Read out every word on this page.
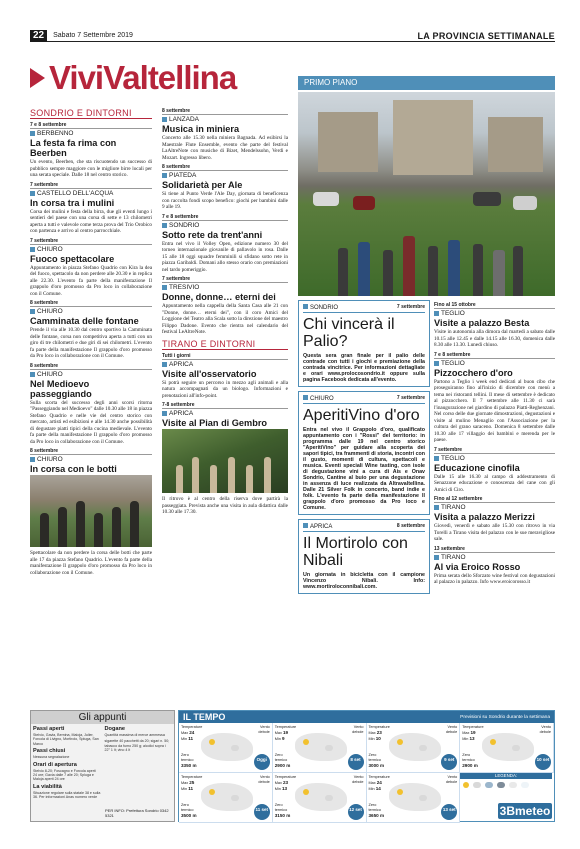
22	Sabato 7 Settembre 2019	LA PROVINCIA SETTIMANALE
ViviValtellina	PRIMO PIANO
SONDRIO E DINTORNI
7 e 8 settembre
BERBENNO
La festa fa rima con Beerben

Un evento, Beerben, che sta riscuotendo un successo di pubblico sempre maggiore con le migliore birre locali per una serata speciale. Dalle 18 nel centro storico.

7 settembre
CASTELLO DELL'ACQUA
In corsa tra i mulini

Corsa dei mulini e festa della birra, due gli eventi lungo i sentieri del paese con una corsa di sette e 13 chilometri aperta a tutti e valevole come terza prova del Trio Orobico con partenza e arrivo al centro parrocchiale.

7 settembre
CHIURO
Fuoco spettacolare

Appuntamento in piazza Stefano Quadrio con Kira la dea del fuoco, spettacolo da non perdere alle 20.30 e in replica alle 22.30. L'evento fa parte della manifestazione Il grappolo d'oro promosso da Pro loco in collaborazione con il Comune.

8 settembre
CHIURO
Camminata delle fontane

Prende il via alle 10.30 dal centro sportivo la Camminata delle fontane, corsa non competitiva aperta a tutti con un giro di tre chilometri e due giri di sei chilometri. L'evento fa parte della manifestazione Il grappolo d'oro promosso da Pro loco in collaborazione con il Comune.

8 settembre
CHIURO
Nel Medioevo passeggiando

Sulla scorta del successo degli anni scorsi ritorna "Passeggiando nel Medioevo" dalle 10.30 alle 18 in piazza Stefano Quadrio e nelle vie del centro storico con mercato, artisti ed esibizioni e alle 14.30 anche possibilità di degustare piatti tipici della cucina medievale. L'evento fa parte della manifestazione Il grappolo d'oro promosso da Pro loco in collaborazione con il Comune.

8 settembre
CHIURO
In corsa con le botti

Spettacolare da non perdere la corsa delle botti che parte alle 17 da piazza Stefano Quadrio. L'evento fa parte della manifestazione Il grappolo d'oro promosso da Pro loco in collaborazione con il Comune.

8 settembre
LANZADA
Musica in miniera

Concerto alle 15.30 nella miniera Bagnada. Ad esibirsi la Maestrale Flute Ensemble, evento che parte del festival LaAltreNote con musiche di Bizet, Mendelssohn, Verdi e Mozart. Ingresso libero.

8 settembre
PIATEDA
Solidarietà per Ale

Si tiene al Punto Verde l'Ale Day, giornata di beneficenza con raccolta fondi scopo benefico: giochi per bambini dalle 9 alle 19.

7 e 8 settembre
SONDRIO
Sotto rete da trent'anni

Entra nel vivo il Volley Open, edizione numero 30 del torneo internazionale giovanile di pallavolo in rosa. Dalle 15 alle 18 oggi squadre femminili si sfidano sotto rete in piazza Garibaldi. Domani allo stesso orario con premiazioni nel tardo pomeriggio.

7 settembre
TRESIVIO
Donne, donne… eterni dei

Appuntamento nella cappella della Santa Casa alle 21 con "Donne, donne… eterni dei", con il coro Amici del Loggione del Teatro alla Scala sotto la direzione del maestro Filippo Dadone. Evento che rientra nel calendario del festival LeAltreNote.

TIRANO E DINTORNI
Tutti i giorni
APRICA
Visite all'osservatorio

Si potrà seguire un percorso in mezzo agli animali e alla natura accompagnati da un biologo. Informazioni e prenotazioni all'info-point.

7-8 settembre
APRICA
Visite al Pian di Gembro

Il ritrovo è al centro della riserva dove partirà la passeggiata. Prevista anche una visita in aula didattica dalle 10.30 alle 17.30.

SONDRIO	7 settembre
Chi vincerà il Palio?

Questa sera gran finale per il palio delle contrade con tutti i giochi e premiazione della contrada vincitrice. Per informazioni dettagliate e orari www.prolocosondrio.it oppure sulla pagina Facebook dedicata all'evento.

CHIURO	7 settembre
AperitiVino d'oro

Entra nel vivo il Grappolo d'oro, qualificato appuntamento con i "Rossi" del territorio: in programma dalle 19 nel centro storico "AperitiVino" per guidare alla scoperta dei sapori tipici, tra frammenti di storia, incontri con il gusto, momenti di cultura, spettacoli e musica. Eventi speciali Wine tasting, con isole di degustazione vini a cura di Ais e Onav Sondrio, Cantine al buio per una degustazione in assenza di luce realizzata da AltravalteIlina. Dalle 21 Silver Folk in concerto, band indie e folk. L'evento fa parte della manifestazione Il grappolo d'oro promosso da Pro loco e Comune.

APRICA	8 settembre
Il Mortirolo con Nibali

Un giornata in bicicletta con il campione Vincenzo Nibali. Info: www.mortiroloconnibali.com.

Fino al 15 ottobre
TEGLIO
Visite a palazzo Besta

Visite in autonomia alla dimora dal martedì a sabato dalle 10.15 alle 12.45 e dalle 14.15 alle 16.30, domenica dalle 8.30 alle 13.30. Lunedì chiuso.

7 e 8 settembre
TEGLIO
Pizzocchero d'oro

Partono a Teglio i week end dedicati al buon cibo che proseguiranno fino all'inizio di dicembre con menù a tema nei ristoranti tellini. Il mese di settembre è dedicato al pizzocchero. Il 7 settembre alle 11.30 ci sarà l'inaugurazione nel giardino di palazzo Piatti-Reghenzani. Nel corso delle due giornate dimostrazioni, degustazioni e visite al mulino Menaglio con l'Associazione per la cultura del grano saraceno. Domenica 8 settembre dalle 10.30 alle 17 villaggio dei bambini e merenda per le paese.

7 settembre
TEGLIO
Educazione cinofila

Dalle 15 alle 16.30 al campo di addestramento di Senazzone educazione e conoscenza del cane con gli Amici di Ciro.

Fino al 12 settembre
TIRANO
Visita a palazzo Merizzi

Giovedì, venerdì e sabato alle 15.30 con ritrovo in via Torelli a Tirano visita del palazzo con le sue meravigliose sale.

13 settembre
TIRANO
Al via Eroico Rosso

Prima serata dello Sforzato wine festival con degustazioni al palazzo in palazzo. Info www.eroicorosso.it

Gli appunti
Passi aperti
Stelvio, Gavia, Bernina, Maloja, Julier, Forcola di Livigno, Mortirolo, Spluga, San Marco
Passi chiusi
Nessuna segnalazione
Orari di apertura
Stelvio 8-20; Foscagno e Forcola aperti 24 ore; Gavia dalle 7 alle 20; Spluga e Maloja aperti 24 ore
La viabilità
Situazione regolare sulla statale 38 e sulla 36. Per informazioni Anas numero verde
Dogane
Quantità massima di merce ammessa
sigarette 40 pacchetti da 20; sigari n. 50; tabacco da fumo 250 g; alcolici sopra i 22° 1 lt; vino 4 lt
PER INFO: Prefettura Sondrio 0342 5321
IL TEMPO	Previsioni su Sondrio durante la settimana
Temperature
Max 24
Min 11
Vento
debole
Zero
termico
3350 m
Oggi
Temperature
Max 19
Min 9
Vento
debole
Zero
termico
2900 m
8 set
Temperature
Max 23
Min 10
Vento
debole
Zero
termico
3000 m
9 set
Temperature
Max 19
Min 13
Vento
debole
Zero
termico
2900 m
10 set
Temperature
Max 25
Min 11
Vento
debole
Zero
termico
3500 m
11 set
Temperature
Max 23
Min 13
Vento
debole
Zero
termico
3150 m
12 set
Temperature
Max 24
Min 14
Vento
debole
Zero
termico
3650 m
13 set
LEGENDA:
3Bmeteo
